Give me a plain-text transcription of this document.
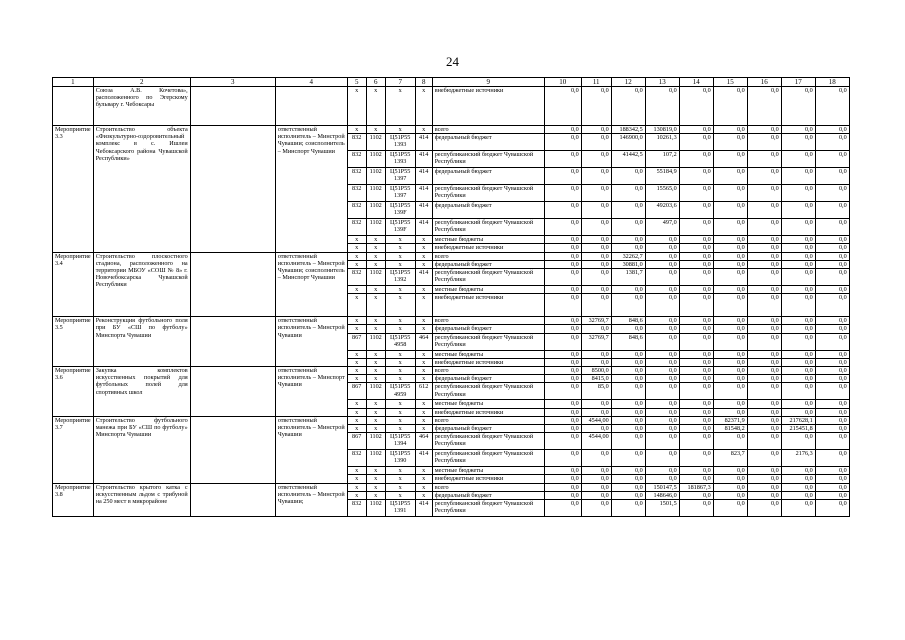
24
1	2	3	4	5	6	7	8	9	10	11	12	13	14	15	16	17	18
	Союза А.В. Кочетова», расположенного по Эгерскому бульвару г. Чебоксары			x	x	x	x	внебюджетные источники	0,0	0,0	0,0	0,0	0,0	0,0	0,0	0,0	0,0
Мероприятие 3.3	Строительство объекта «Физкультурно-оздоровительный комплекс в с. Ишлеи Чебоксарского района Чувашской Республики»		ответственный исполнитель – Минстрой Чувашии; соисполнитель – Минспорт Чувашии	x	x	x	x	всего	0,0	0,0	188342,5	130819,0	0,0	0,0	0,0	0,0	0,0
				832	1102	Ц51Р55 1393	414	федеральный бюджет	0,0	0,0	146900,0	10261,3	0,0	0,0	0,0	0,0	0,0
				832	1102	Ц51Р55 1393	414	республиканский бюджет Чувашской Республики	0,0	0,0	41442,5	107,2	0,0	0,0	0,0	0,0	0,0
				832	1102	Ц51Р55 1397	414	федеральный бюджет	0,0	0,0	0,0	55184,9	0,0	0,0	0,0	0,0	0,0
				832	1102	Ц51Р55 1397	414	республиканский бюджет Чувашской Республики	0,0	0,0	0,0	15565,0	0,0	0,0	0,0	0,0	0,0
				832	1102	Ц51Р55 139F	414	федеральный бюджет	0,0	0,0	0,0	49203,6	0,0	0,0	0,0	0,0	0,0
				832	1102	Ц51Р55 139F	414	республиканский бюджет Чувашской Республики	0,0	0,0	0,0	497,0	0,0	0,0	0,0	0,0	0,0
				x	x	x	x	местные бюджеты	0,0	0,0	0,0	0,0	0,0	0,0	0,0	0,0	0,0
				x	x	x	x	внебюджетные источники	0,0	0,0	0,0	0,0	0,0	0,0	0,0	0,0	0,0
Мероприятие 3.4	Строительство плоскостного стадиона, расположенного на территории МБОУ «СОШ № 8» г. Новочебоксарска Чувашской Республики		ответственный исполнитель – Минстрой Чувашии; соисполнитель – Минспорт Чувашии	x	x	x	x	всего	0,0	0,0	32262,7	0,0	0,0	0,0	0,0	0,0	0,0
				x	x	x	x	федеральный бюджет	0,0	0,0	30881,0	0,0	0,0	0,0	0,0	0,0	0,0
				832	1102	Ц51Р55 1392	414	республиканский бюджет Чувашской Республики	0,0	0,0	1381,7	0,0	0,0	0,0	0,0	0,0	0,0
				x	x	x	x	местные бюджеты	0,0	0,0	0,0	0,0	0,0	0,0	0,0	0,0	0,0
				x	x	x	x	внебюджетные источники	0,0	0,0	0,0	0,0	0,0	0,0	0,0	0,0	0,0
Мероприятие 3.5	Реконструкция футбольного поля при БУ «СШ по футболу» Минспорта Чувашии		ответственный исполнитель – Минстрой Чувашии	x	x	x	x	всего	0,0	32769,7	848,6	0,0	0,0	0,0	0,0	0,0	0,0
				x	x	x	x	федеральный бюджет	0,0	0,0	0,0	0,0	0,0	0,0	0,0	0,0	0,0
				867	1102	Ц51Р55 4958	464	республиканский бюджет Чувашской Республики	0,0	32769,7	848,6	0,0	0,0	0,0	0,0	0,0	0,0
				x	x	x	x	местные бюджеты	0,0	0,0	0,0	0,0	0,0	0,0	0,0	0,0	0,0
				x	x	x	x	внебюджетные источники	0,0	0,0	0,0	0,0	0,0	0,0	0,0	0,0	0,0
Мероприятие 3.6	Закупка комплектов искусственных покрытий для футбольных полей для спортивных школ		ответственный исполнитель – Минспорт Чувашии	x	x	x	x	всего	0,0	8500,0	0,0	0,0	0,0	0,0	0,0	0,0	0,0
				x	x	x	x	федеральный бюджет	0,0	8415,0	0,0	0,0	0,0	0,0	0,0	0,0	0,0
				867	1102	Ц51Р55 4959	612	республиканский бюджет Чувашской Республики	0,0	85,0	0,0	0,0	0,0	0,0	0,0	0,0	0,0
				x	x	x	x	местные бюджеты	0,0	0,0	0,0	0,0	0,0	0,0	0,0	0,0	0,0
				x	x	x	x	внебюджетные источники	0,0	0,0	0,0	0,0	0,0	0,0	0,0	0,0	0,0
Мероприятие 3.7	Строительство футбольного манежа при БУ «СШ по футболу» Минспорта Чувашии		ответственный исполнитель – Минстрой Чувашии	x	x	x	x	всего	0,0	4544,00	0,0	0,0	0,0	82371,9	0,0	217628,1	0,0
				x	x	x	x	федеральный бюджет	0,0	0,0	0,0	0,0	0,0	81548,2	0,0	215451,8	0,0
				867	1102	Ц51Р55 1394	464	республиканский бюджет Чувашской Республики	0,0	4544,00	0,0	0,0	0,0	0,0	0,0	0,0	0,0
				832	1102	Ц51Р55 1390	414	республиканский бюджет Чувашской Республики	0,0	0,0	0,0	0,0	0,0	823,7	0,0	2176,3	0,0
				x	x	x	x	местные бюджеты	0,0	0,0	0,0	0,0	0,0	0,0	0,0	0,0	0,0
				x	x	x	x	внебюджетные источники	0,0	0,0	0,0	0,0	0,0	0,0	0,0	0,0	0,0
Мероприятие 3.8	Строительство крытого катка с искусственным льдом с трибуной на 250 мест в микрорайоне		ответственный исполнитель – Минстрой Чувашии;	x	x	x	x	всего	0,0	0,0	0,0	150147,5	181867,3	0,0	0,0	0,0	0,0
				x	x	x	x	федеральный бюджет	0,0	0,0	0,0	148646,0	0,0	0,0	0,0	0,0	0,0
				832	1102	Ц51Р55 1391	414	республиканский бюджет Чувашской Республики	0,0	0,0	0,0	1501,5	0,0	0,0	0,0	0,0	0,0
